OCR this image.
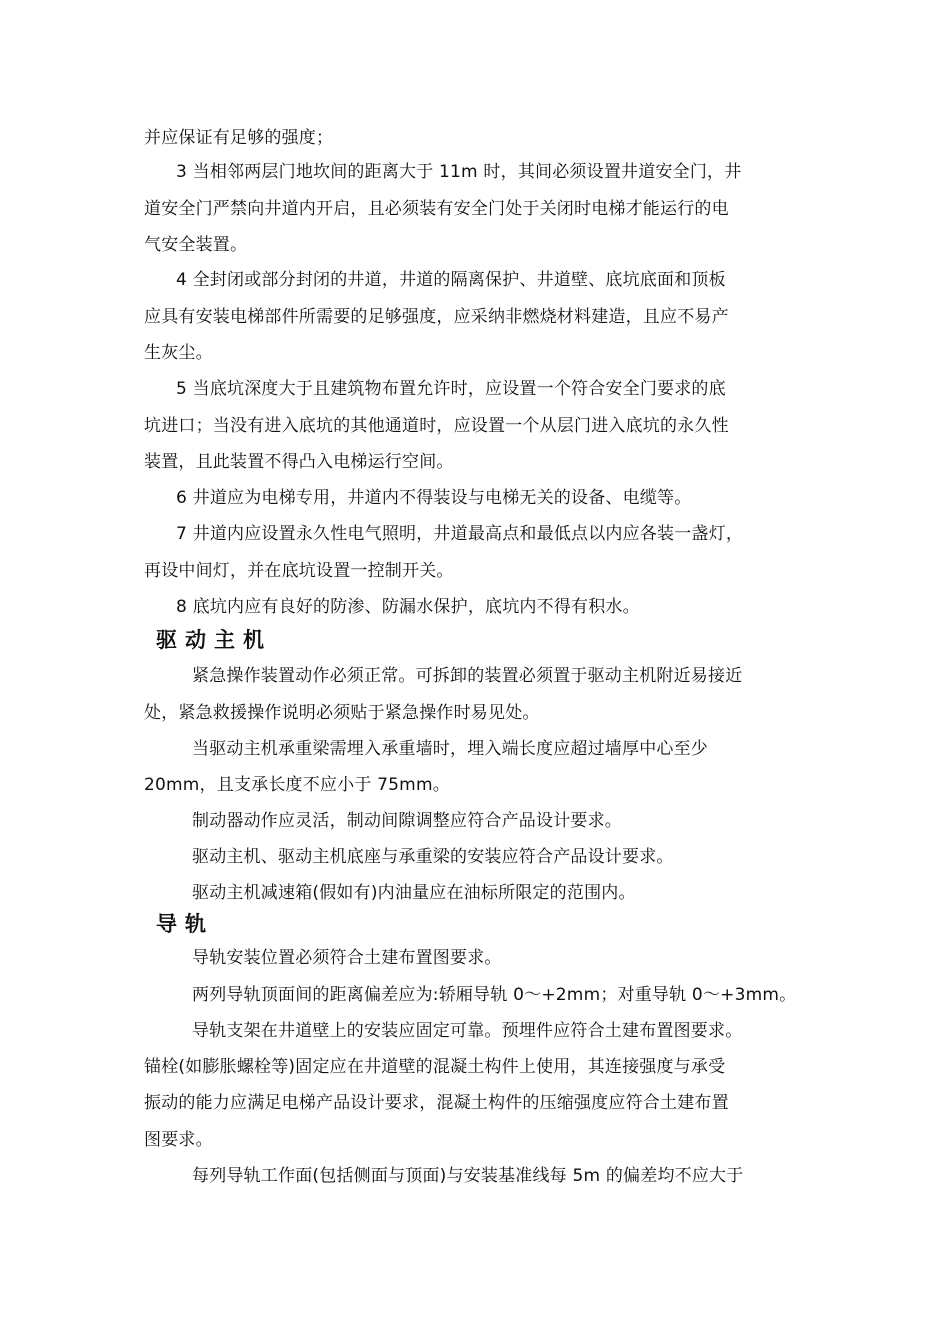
并应保证有足够的强度；
3 当相邻两层门地坎间的距离大于 11m 时，其间必须设置井道安全门，井
道安全门严禁向井道内开启，且必须装有安全门处于关闭时电梯才能运行的电
气安全装置。
4 全封闭或部分封闭的井道，井道的隔离保护、井道壁、底坑底面和顶板
应具有安装电梯部件所需要的足够强度，应采纳非燃烧材料建造，且应不易产
生灰尘。
5 当底坑深度大于且建筑物布置允许时，应设置一个符合安全门要求的底
坑进口；当没有进入底坑的其他通道时，应设置一个从层门进入底坑的永久性
装置，且此装置不得凸入电梯运行空间。
6 井道应为电梯专用，井道内不得装设与电梯无关的设备、电缆等。
7 井道内应设置永久性电气照明，井道最高点和最低点以内应各装一盏灯，
再设中间灯，并在底坑设置一控制开关。
8 底坑内应有良好的防渗、防漏水保护，底坑内不得有积水。
驱动主机
紧急操作装置动作必须正常。可拆卸的装置必须置于驱动主机附近易接近
处，紧急救援操作说明必须贴于紧急操作时易见处。
当驱动主机承重梁需埋入承重墙时，埋入端长度应超过墙厚中心至少
20mm，且支承长度不应小于 75mm。
制动器动作应灵活，制动间隙调整应符合产品设计要求。
驱动主机、驱动主机底座与承重梁的安装应符合产品设计要求。
驱动主机减速箱(假如有)内油量应在油标所限定的范围内。
导轨
导轨安装位置必须符合土建布置图要求。
两列导轨顶面间的距离偏差应为:轿厢导轨 0～+2mm；对重导轨 0～+3mm。
导轨支架在井道壁上的安装应固定可靠。预埋件应符合土建布置图要求。
锚栓(如膨胀螺栓等)固定应在井道壁的混凝土构件上使用，其连接强度与承受
振动的能力应满足电梯产品设计要求，混凝土构件的压缩强度应符合土建布置
图要求。
每列导轨工作面(包括侧面与顶面)与安装基准线每 5m 的偏差均不应大于
